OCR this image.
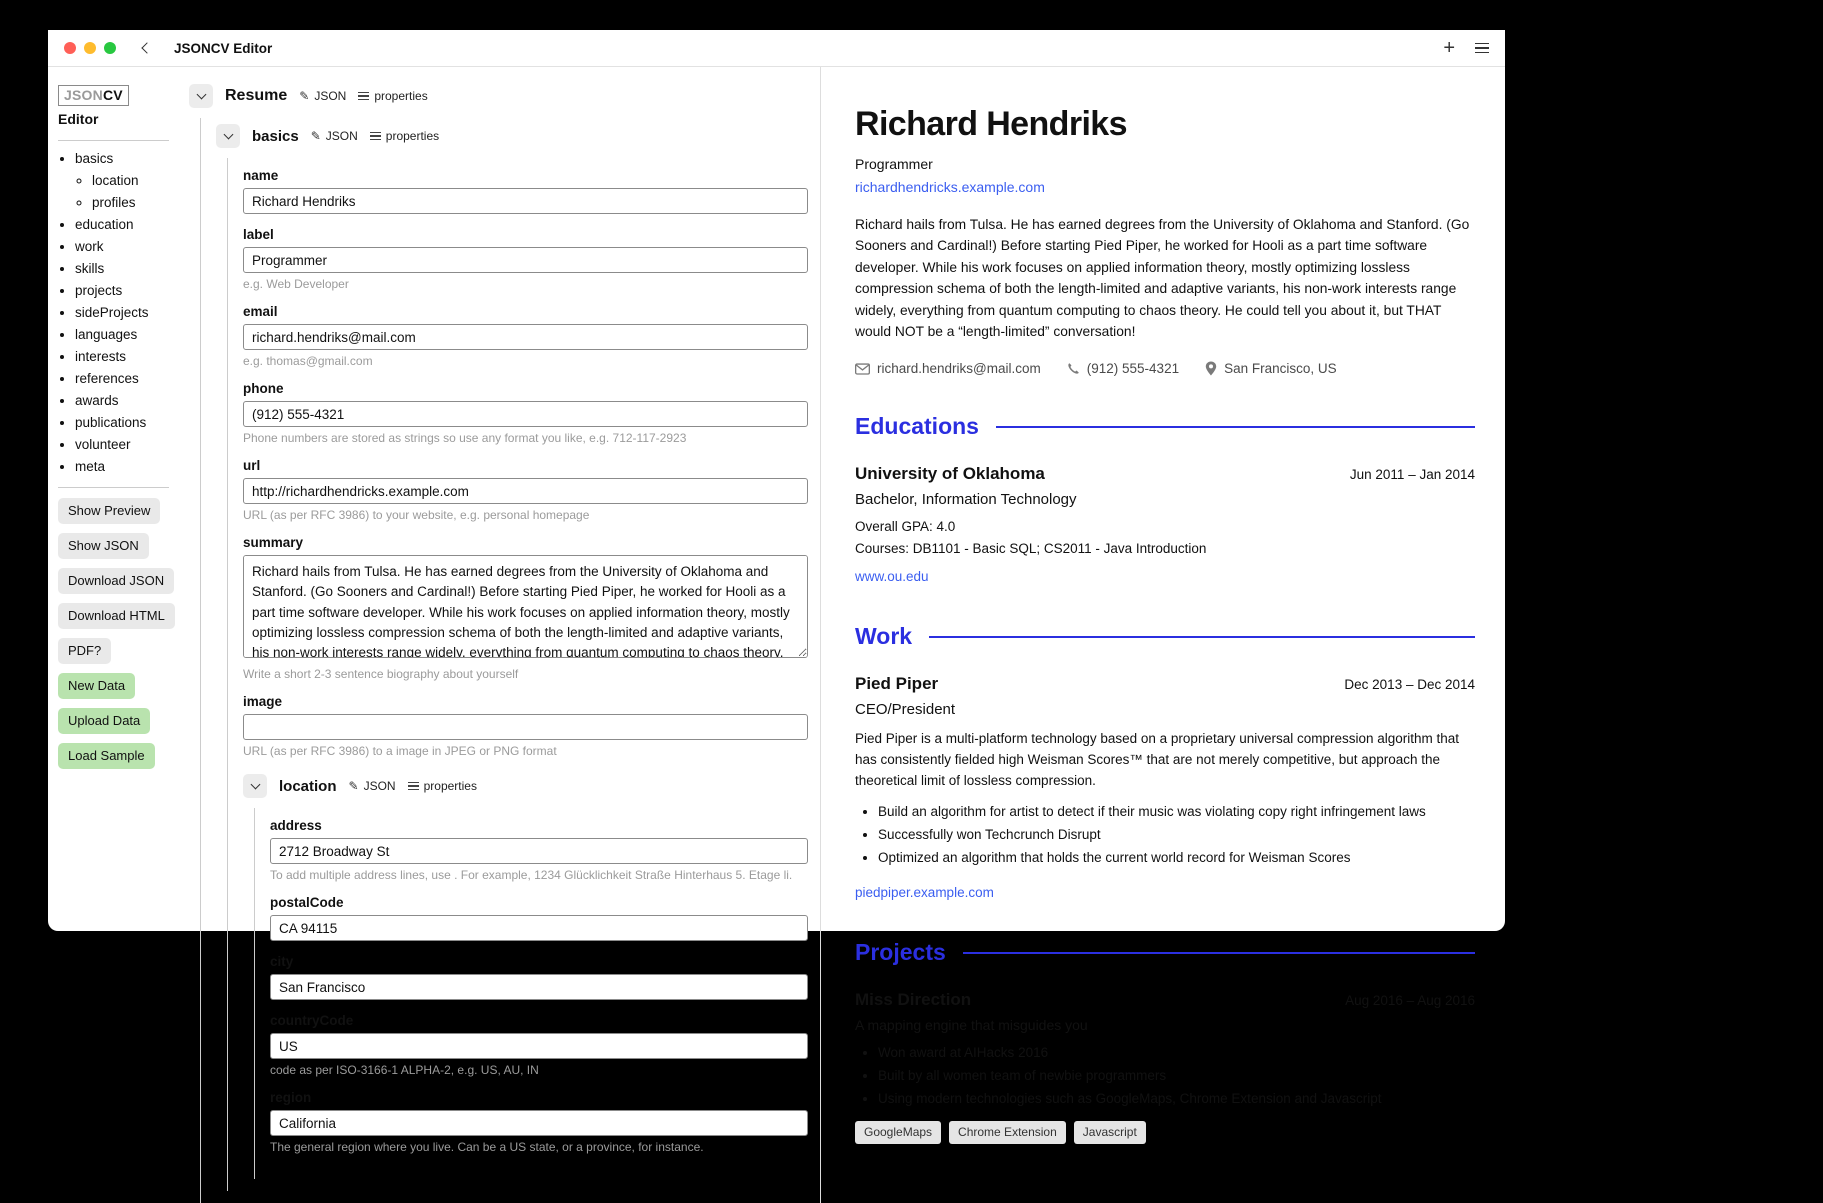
JSONCV Editor	+
JSONCV
Editor
• basics
◦ location
◦ profiles
• education
• work
• skills
• projects
• sideProjects
• languages
• interests
• references
• awards
• publications
• volunteer
• meta
Show Preview
Show JSON
Download JSON
Download HTML
PDF?
New Data
Upload Data
Load Sample
Resume ✎ JSON properties
basics ✎ JSON properties
name
Richard Hendriks
label
Programmer
e.g. Web Developer
email
richard.hendriks@mail.com
e.g. thomas@gmail.com
phone
(912) 555-4321
Phone numbers are stored as strings so use any format you like, e.g. 712-117-2923
url
http://richardhendricks.example.com
URL (as per RFC 3986) to your website, e.g. personal homepage
summary
Richard hails from Tulsa. He has earned degrees from the University of Oklahoma and Stanford. (Go Sooners and Cardinal!) Before starting Pied Piper, he worked for Hooli as a part time software developer. While his work focuses on applied information theory, mostly optimizing lossless compression schema of both the length-limited and adaptive variants, his non-work interests range widely, everything from quantum computing to chaos theory. He could tell you about it, but THAT would NOT be a “length-limited” conversation!
Write a short 2-3 sentence biography about yourself
image
URL (as per RFC 3986) to a image in JPEG or PNG format
location ✎ JSON properties
address
2712 Broadway St
To add multiple address lines, use . For example, 1234 Glücklichkeit Straße Hinterhaus 5. Etage li.
postalCode
CA 94115
city
San Francisco
countryCode
US
code as per ISO-3166-1 ALPHA-2, e.g. US, AU, IN
region
California
The general region where you live. Can be a US state, or a province, for instance.
Richard Hendriks
Programmer
richardhendricks.example.com
Richard hails from Tulsa. He has earned degrees from the University of Oklahoma and Stanford. (Go Sooners and Cardinal!) Before starting Pied Piper, he worked for Hooli as a part time software developer. While his work focuses on applied information theory, mostly optimizing lossless compression schema of both the length-limited and adaptive variants, his non-work interests range widely, everything from quantum computing to chaos theory. He could tell you about it, but THAT would NOT be a “length-limited” conversation!
richard.hendriks@mail.com	(912) 555-4321	San Francisco, US
Educations
University of Oklahoma	Jun 2011 – Jan 2014
Bachelor, Information Technology
Overall GPA: 4.0
Courses: DB1101 - Basic SQL; CS2011 - Java Introduction
www.ou.edu
Work
Pied Piper	Dec 2013 – Dec 2014
CEO/President
Pied Piper is a multi-platform technology based on a proprietary universal compression algorithm that has consistently fielded high Weisman Scores™ that are not merely competitive, but approach the theoretical limit of lossless compression.
• Build an algorithm for artist to detect if their music was violating copy right infringement laws
• Successfully won Techcrunch Disrupt
• Optimized an algorithm that holds the current world record for Weisman Scores
piedpiper.example.com
Projects
Miss Direction	Aug 2016 – Aug 2016
A mapping engine that misguides you
• Won award at AIHacks 2016
• Built by all women team of newbie programmers
• Using modern technologies such as GoogleMaps, Chrome Extension and Javascript
GoogleMaps	Chrome Extension	Javascript
